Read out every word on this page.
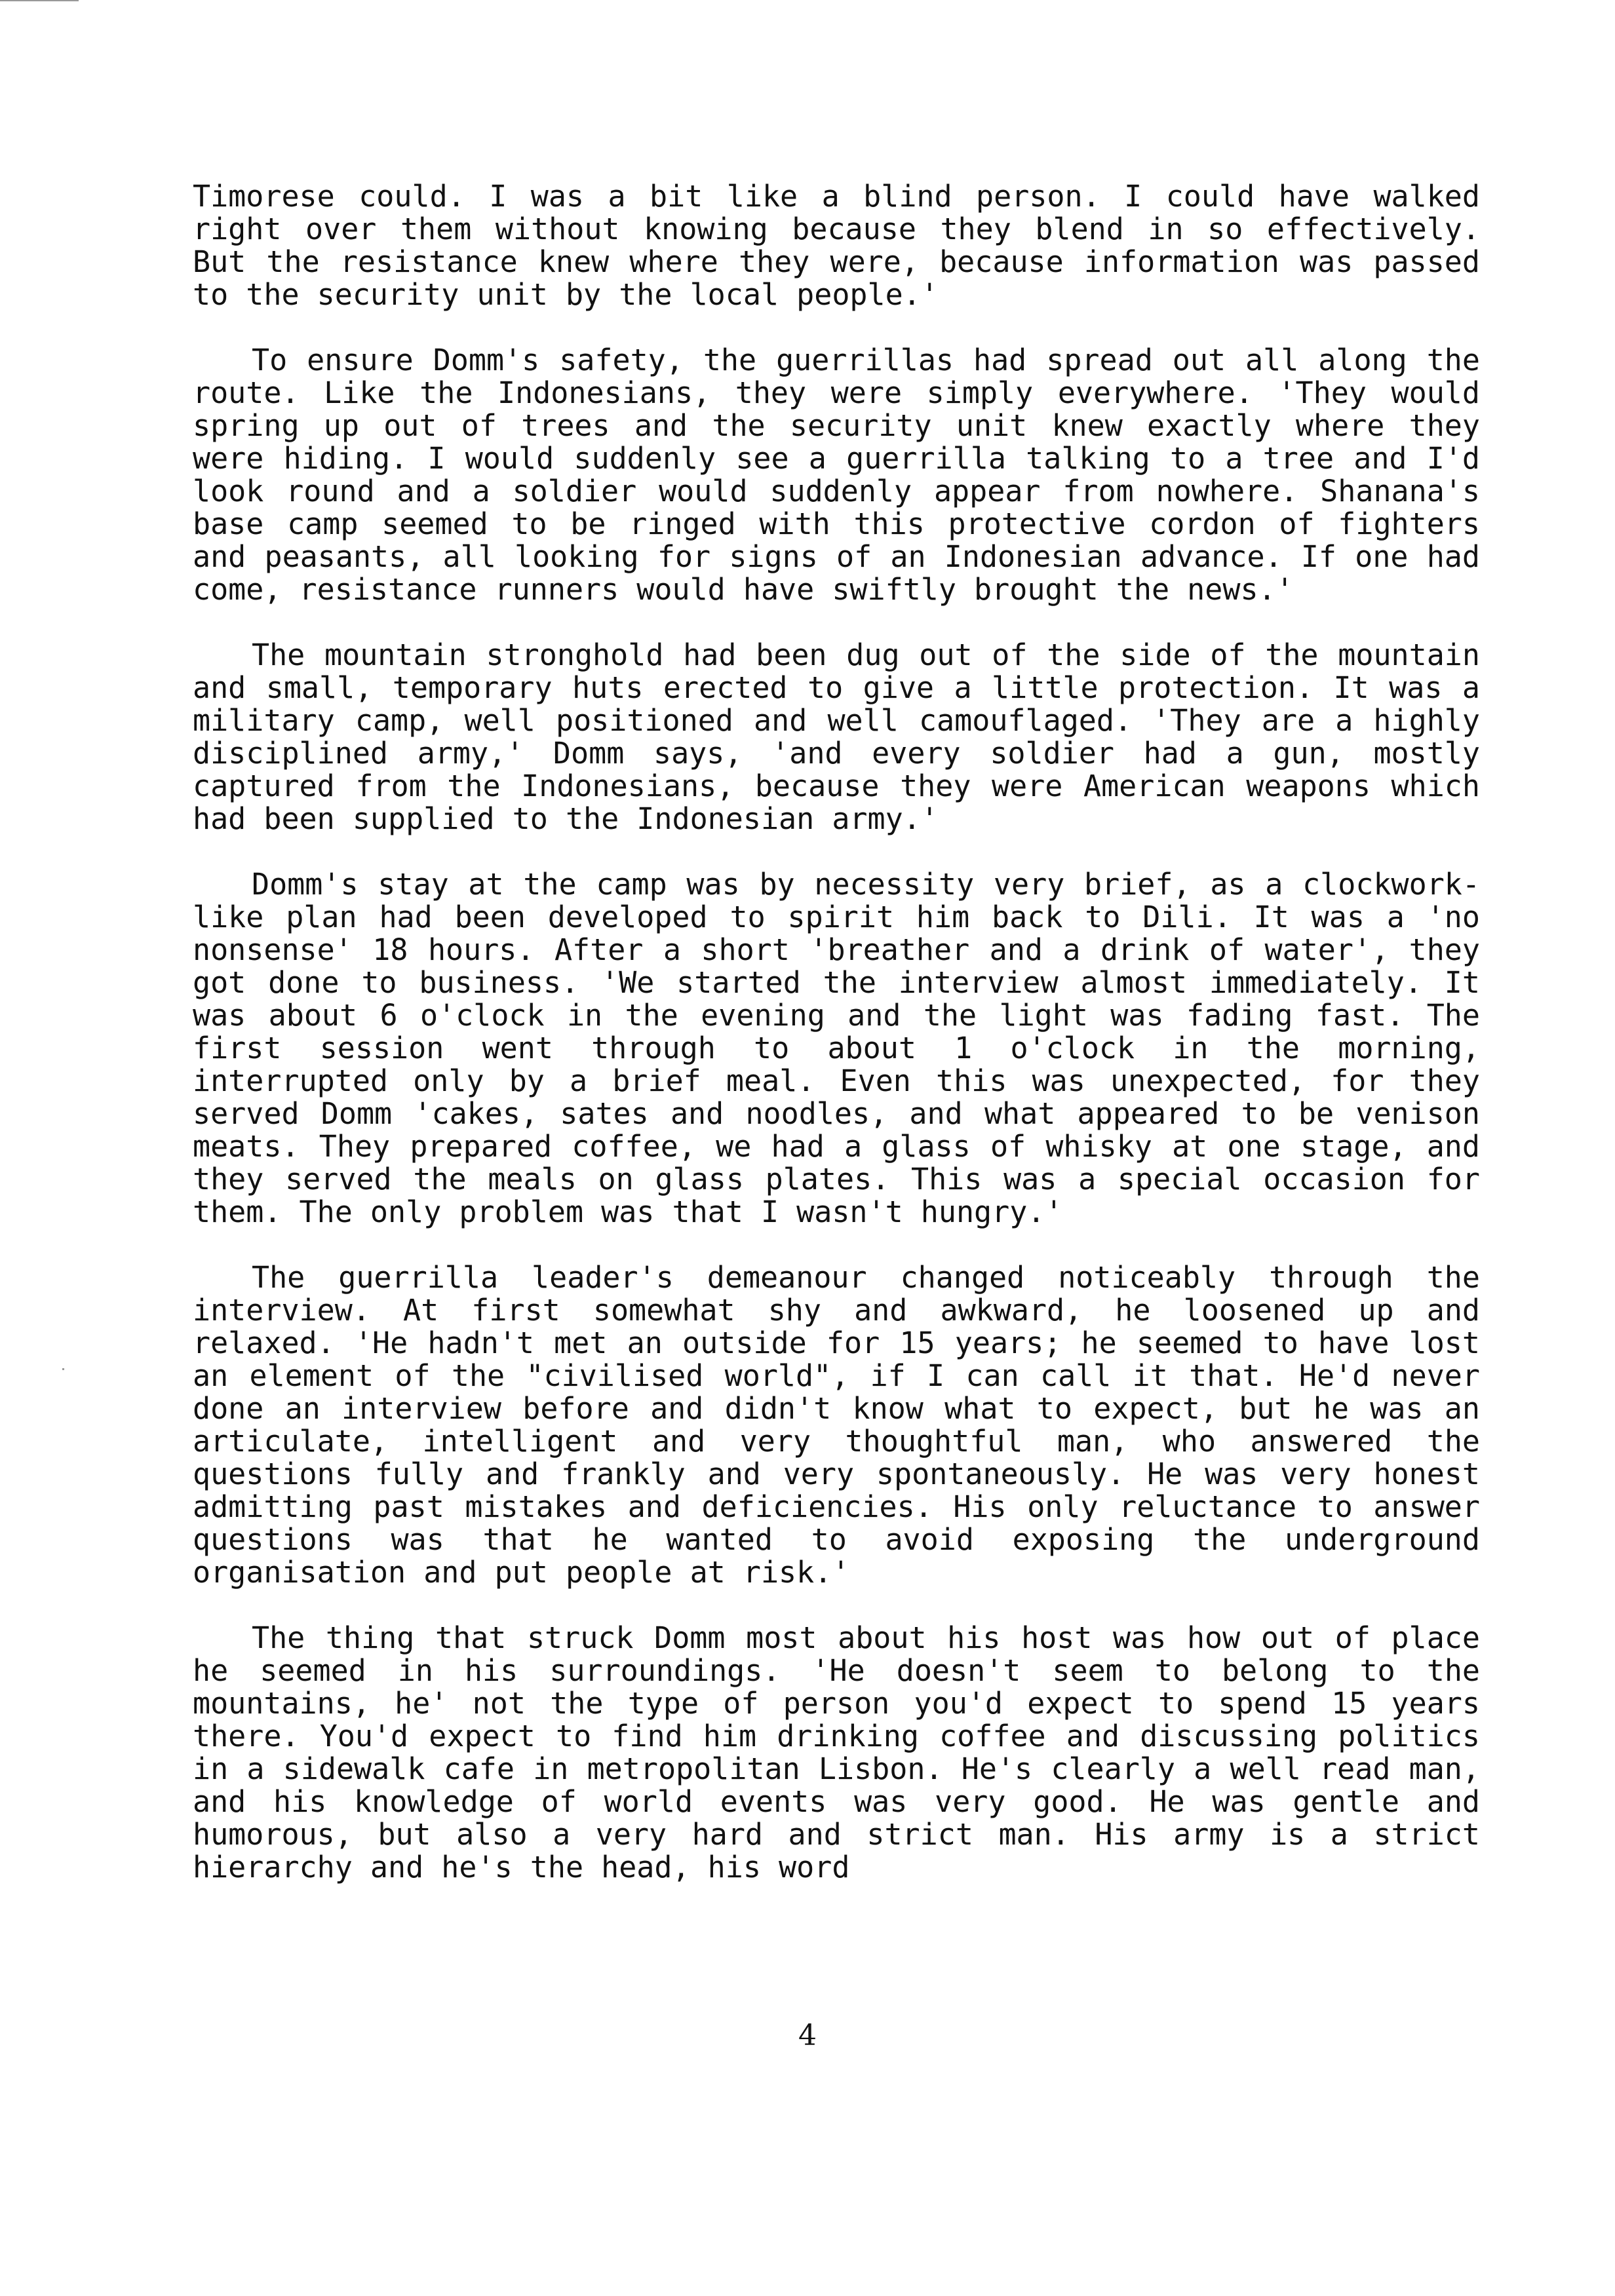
Timorese could. I was a bit like a blind person. I could have walked right over them without knowing because they blend in so effectively. But the resistance knew where they were, because information was passed to the security unit by the local people.'

To ensure Domm's safety, the guerrillas had spread out all along the route. Like the Indonesians, they were simply everywhere. 'They would spring up out of trees and the security unit knew exactly where they were hiding. I would suddenly see a guerrilla talking to a tree and I'd look round and a soldier would suddenly appear from nowhere. Shanana's base camp seemed to be ringed with this protective cordon of fighters and peasants, all looking for signs of an Indonesian advance. If one had come, resistance runners would have swiftly brought the news.'

The mountain stronghold had been dug out of the side of the mountain and small, temporary huts erected to give a little protection. It was a military camp, well positioned and well camouflaged. 'They are a highly disciplined army,' Domm says, 'and every soldier had a gun, mostly captured from the Indonesians, because they were American weapons which had been supplied to the Indonesian army.'

Domm's stay at the camp was by necessity very brief, as a clockwork-like plan had been developed to spirit him back to Dili. It was a 'no nonsense' 18 hours. After a short 'breather and a drink of water', they got done to business. 'We started the interview almost immediately. It was about 6 o'clock in the evening and the light was fading fast. The first session went through to about 1 o'clock in the morning, interrupted only by a brief meal. Even this was unexpected, for they served Domm 'cakes, sates and noodles, and what appeared to be venison meats. They prepared coffee, we had a glass of whisky at one stage, and they served the meals on glass plates. This was a special occasion for them. The only problem was that I wasn't hungry.'

The guerrilla leader's demeanour changed noticeably through the interview. At first somewhat shy and awkward, he loosened up and relaxed. 'He hadn't met an outside for 15 years; he seemed to have lost an element of the "civilised world", if I can call it that. He'd never done an interview before and didn't know what to expect, but he was an articulate, intelligent and very thoughtful man, who answered the questions fully and frankly and very spontaneously. He was very honest admitting past mistakes and deficiencies. His only reluctance to answer questions was that he wanted to avoid exposing the underground organisation and put people at risk.'

The thing that struck Domm most about his host was how out of place he seemed in his surroundings. 'He doesn't seem to belong to the mountains, he' not the type of person you'd expect to spend 15 years there. You'd expect to find him drinking coffee and discussing politics in a sidewalk cafe in metropolitan Lisbon. He's clearly a well read man, and his knowledge of world events was very good. He was gentle and humorous, but also a very hard and strict man. His army is a strict hierarchy and he's the head, his word

4
